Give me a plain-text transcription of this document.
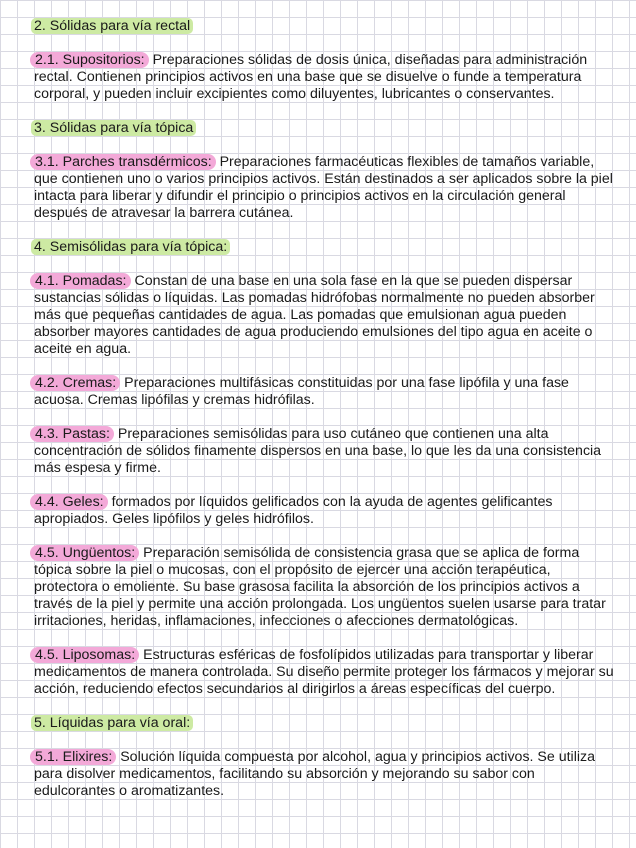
2. Sólidas para vía rectal

2.1. Supositorios: Preparaciones sólidas de dosis única, diseñadas para administración rectal. Contienen principios activos en una base que se disuelve o funde a temperatura corporal, y pueden incluir excipientes como diluyentes, lubricantes o conservantes.

3. Sólidas para vía tópica

3.1. Parches transdérmicos: Preparaciones farmacéuticas flexibles de tamaños variable, que contienen uno o varios principios activos. Están destinados a ser aplicados sobre la piel intacta para liberar y difundir el principio o principios activos en la circulación general después de atravesar la barrera cutánea.

4. Semisólidas para vía tópica:

4.1. Pomadas: Constan de una base en una sola fase en la que se pueden dispersar sustancias sólidas o líquidas. Las pomadas hidrófobas normalmente no pueden absorber más que pequeñas cantidades de agua. Las pomadas que emulsionan agua pueden absorber mayores cantidades de agua produciendo emulsiones del tipo agua en aceite o aceite en agua.

4.2. Cremas: Preparaciones multifásicas constituidas por una fase lipófila y una fase acuosa. Cremas lipófilas y cremas hidrófilas.

4.3. Pastas: Preparaciones semisólidas para uso cutáneo que contienen una alta concentración de sólidos finamente dispersos en una base, lo que les da una consistencia más espesa y firme.

4.4. Geles: formados por líquidos gelificados con la ayuda de agentes gelificantes apropiados. Geles lipófilos y geles hidrófilos.

4.5. Ungüentos: Preparación semisólida de consistencia grasa que se aplica de forma tópica sobre la piel o mucosas, con el propósito de ejercer una acción terapéutica, protectora o emoliente. Su base grasosa facilita la absorción de los principios activos a través de la piel y permite una acción prolongada. Los ungüentos suelen usarse para tratar irritaciones, heridas, inflamaciones, infecciones o afecciones dermatológicas.

4.5. Liposomas: Estructuras esféricas de fosfolípidos utilizadas para transportar y liberar medicamentos de manera controlada. Su diseño permite proteger los fármacos y mejorar su acción, reduciendo efectos secundarios al dirigirlos a áreas específicas del cuerpo.

5. Líquidas para vía oral:

5.1. Elixires: Solución líquida compuesta por alcohol, agua y principios activos. Se utiliza para disolver medicamentos, facilitando su absorción y mejorando su sabor con edulcorantes o aromatizantes.
